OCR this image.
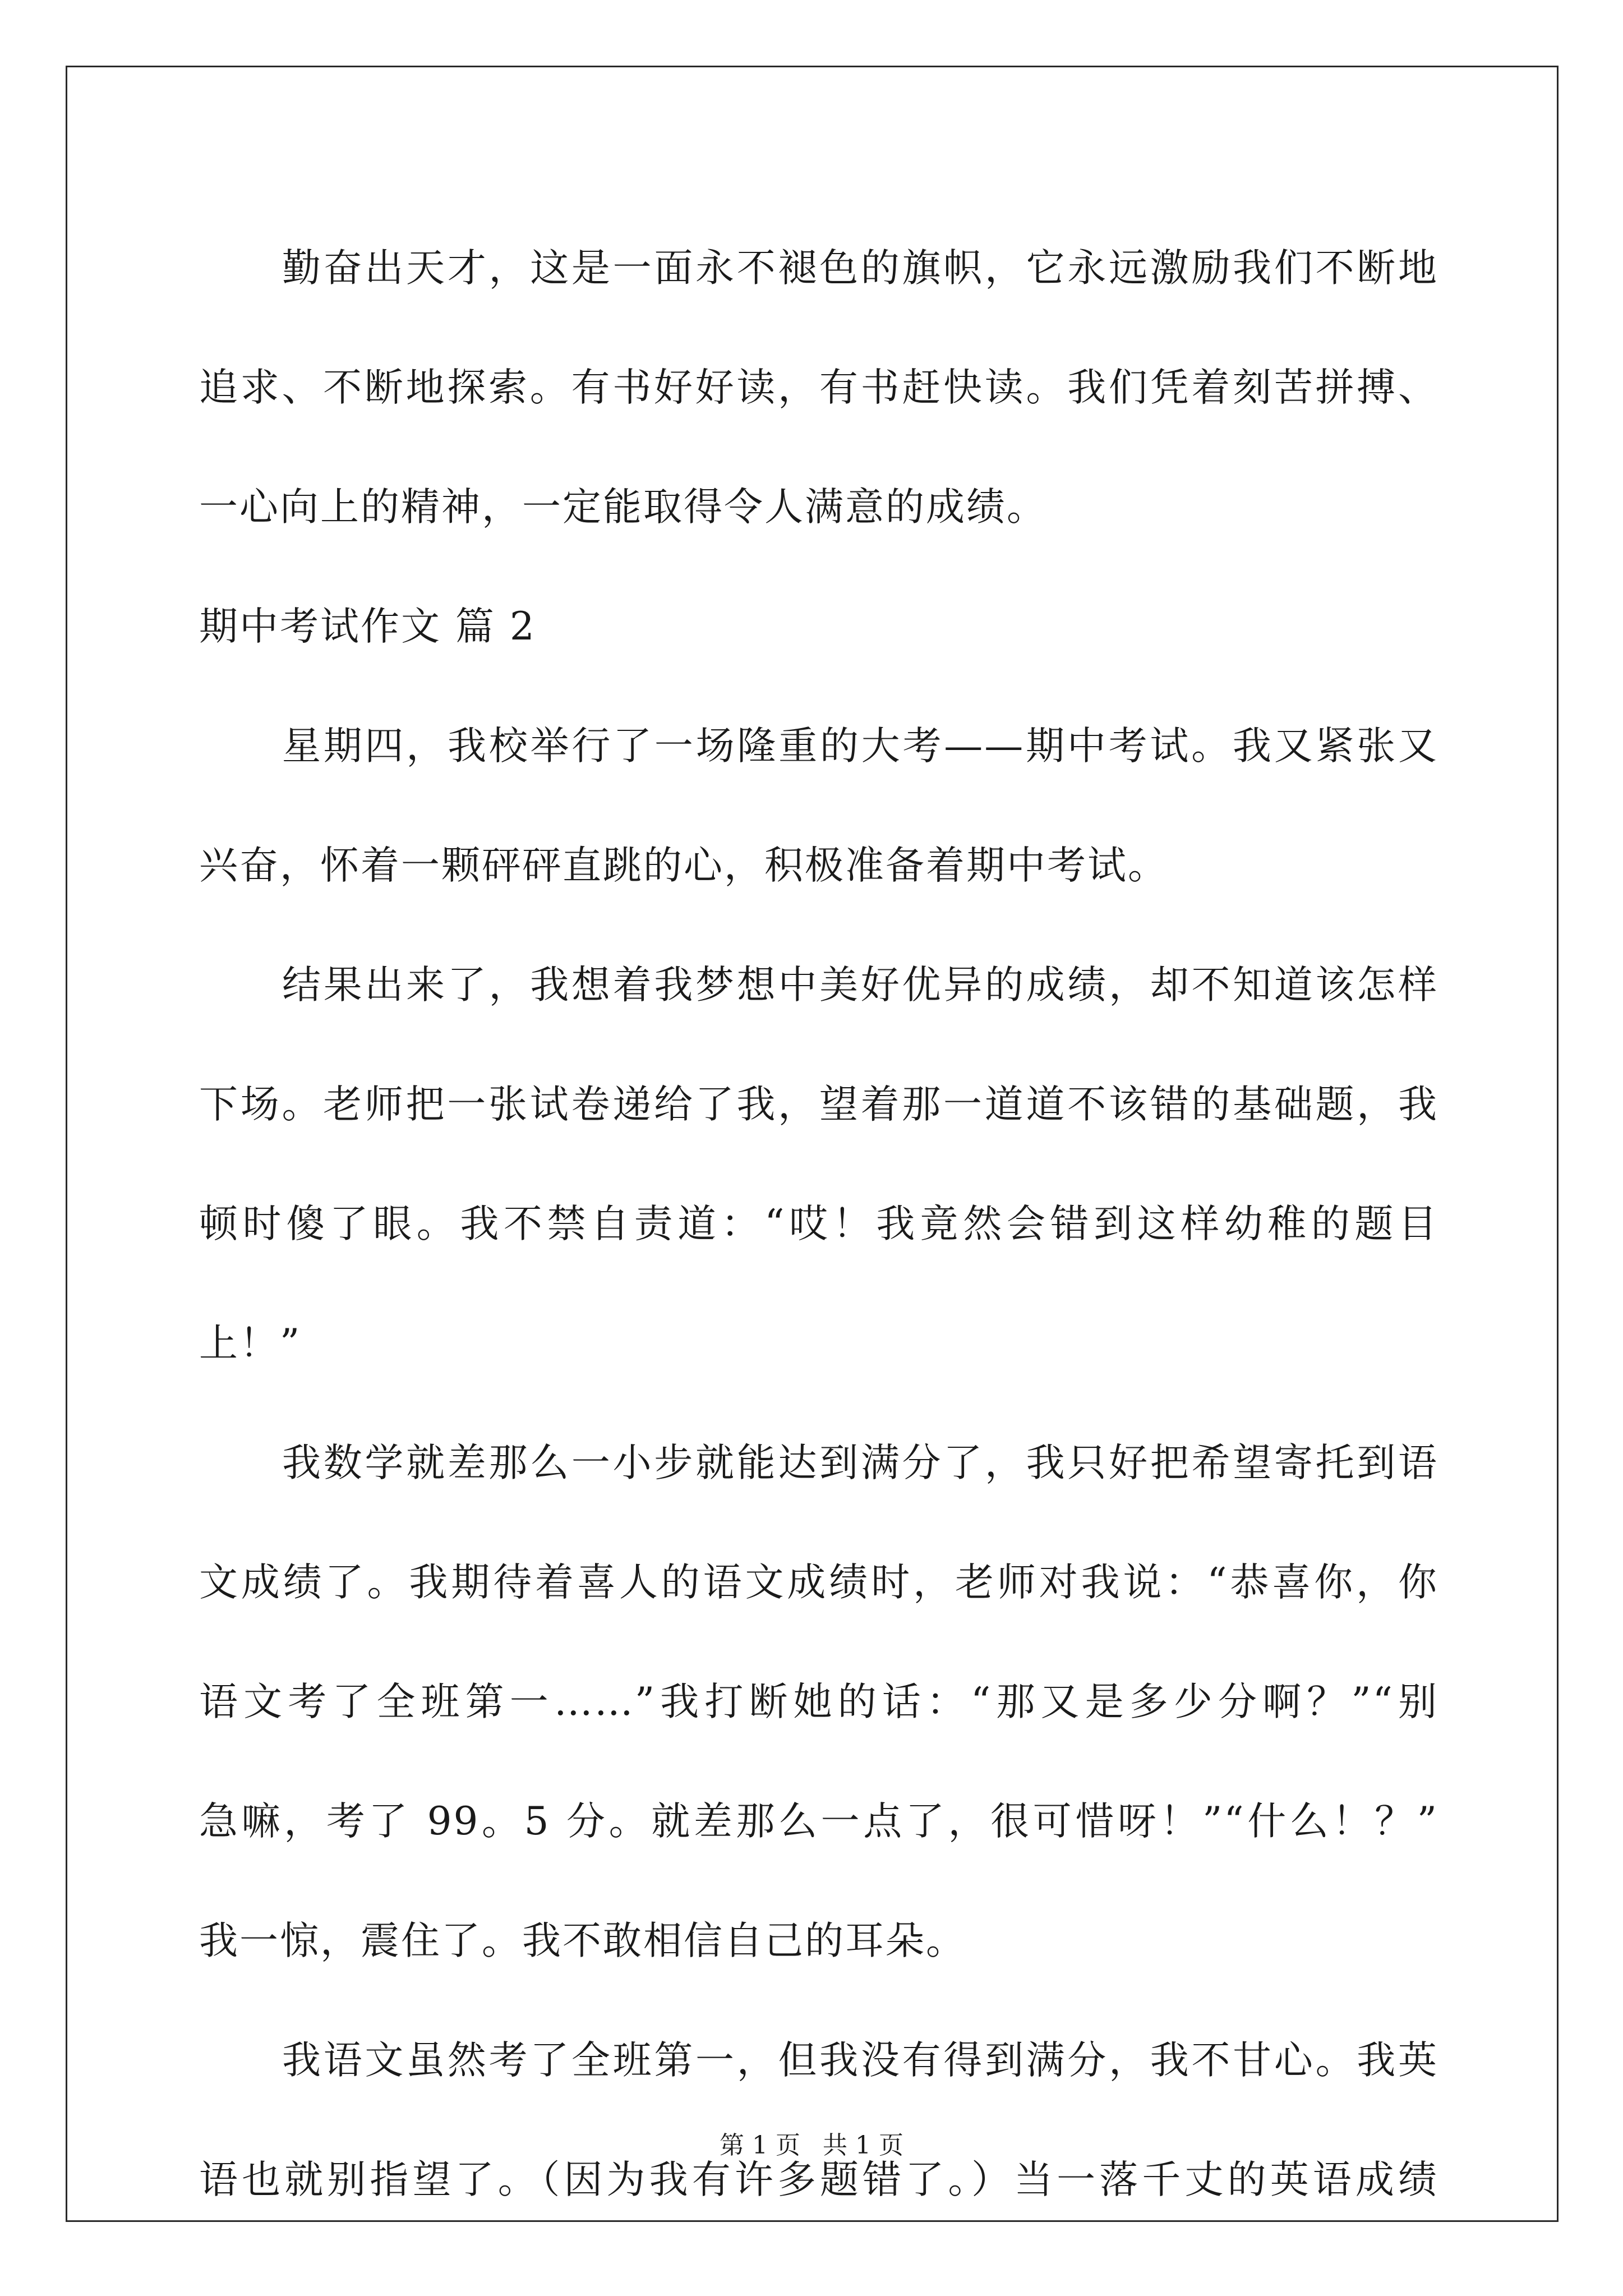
勤奋出天才，这是一面永不褪色的旗帜，它永远激励我们不断地
追求、不断地探索。有书好好读，有书赶快读。我们凭着刻苦拼搏、
一心向上的精神，一定能取得令人满意的成绩。

期中考试作文 篇 2

星期四，我校举行了一场隆重的大考——期中考试。我又紧张又
兴奋，怀着一颗砰砰直跳的心，积极准备着期中考试。

结果出来了，我想着我梦想中美好优异的成绩，却不知道该怎样
下场。老师把一张试卷递给了我，望着那一道道不该错的基础题，我
顿时傻了眼。我不禁自责道：“哎！我竟然会错到这样幼稚的题目
上！”

我数学就差那么一小步就能达到满分了，我只好把希望寄托到语
文成绩了。我期待着喜人的语文成绩时，老师对我说：“恭喜你，你
语文考了全班第一……”我打断她的话：“那又是多少分啊？”“别
急嘛，考了 99。5 分。就差那么一点了，很可惜呀！”“什么！？”
我一惊，震住了。我不敢相信自己的耳朵。

我语文虽然考了全班第一，但我没有得到满分，我不甘心。我英
语也就别指望了。（因为我有许多题错了。）当一落千丈的英语成绩

第 1 页 共 1 页
